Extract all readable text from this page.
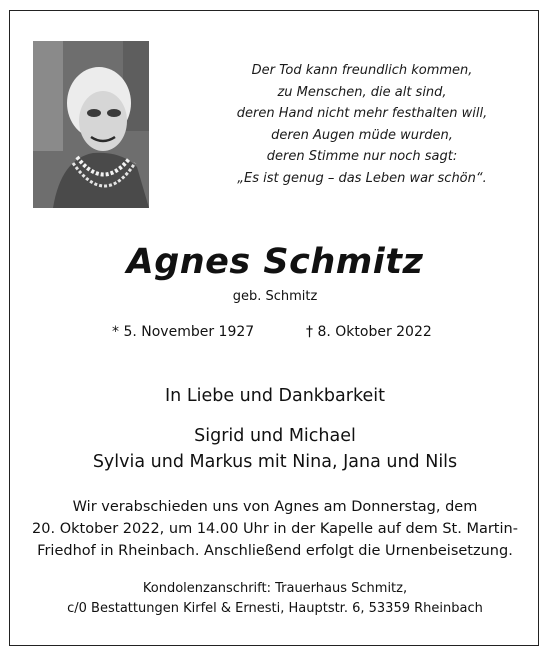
Der Tod kann freundlich kommen,
zu Menschen, die alt sind,
deren Hand nicht mehr festhalten will,
deren Augen müde wurden,
deren Stimme nur noch sagt:
„Es ist genug – das Leben war schön“.
Agnes Schmitz
geb. Schmitz
* 5. November 1927	† 8. Oktober 2022
In Liebe und Dankbarkeit
Sigrid und Michael
Sylvia und Markus mit Nina, Jana und Nils
Wir verabschieden uns von Agnes am Donnerstag, dem
20. Oktober 2022, um 14.00 Uhr in der Kapelle auf dem St. Martin-
Friedhof in Rheinbach. Anschließend erfolgt die Urnenbeisetzung.
Kondolenzanschrift: Trauerhaus Schmitz,
c/0 Bestattungen Kirfel & Ernesti, Hauptstr. 6, 53359 Rheinbach
